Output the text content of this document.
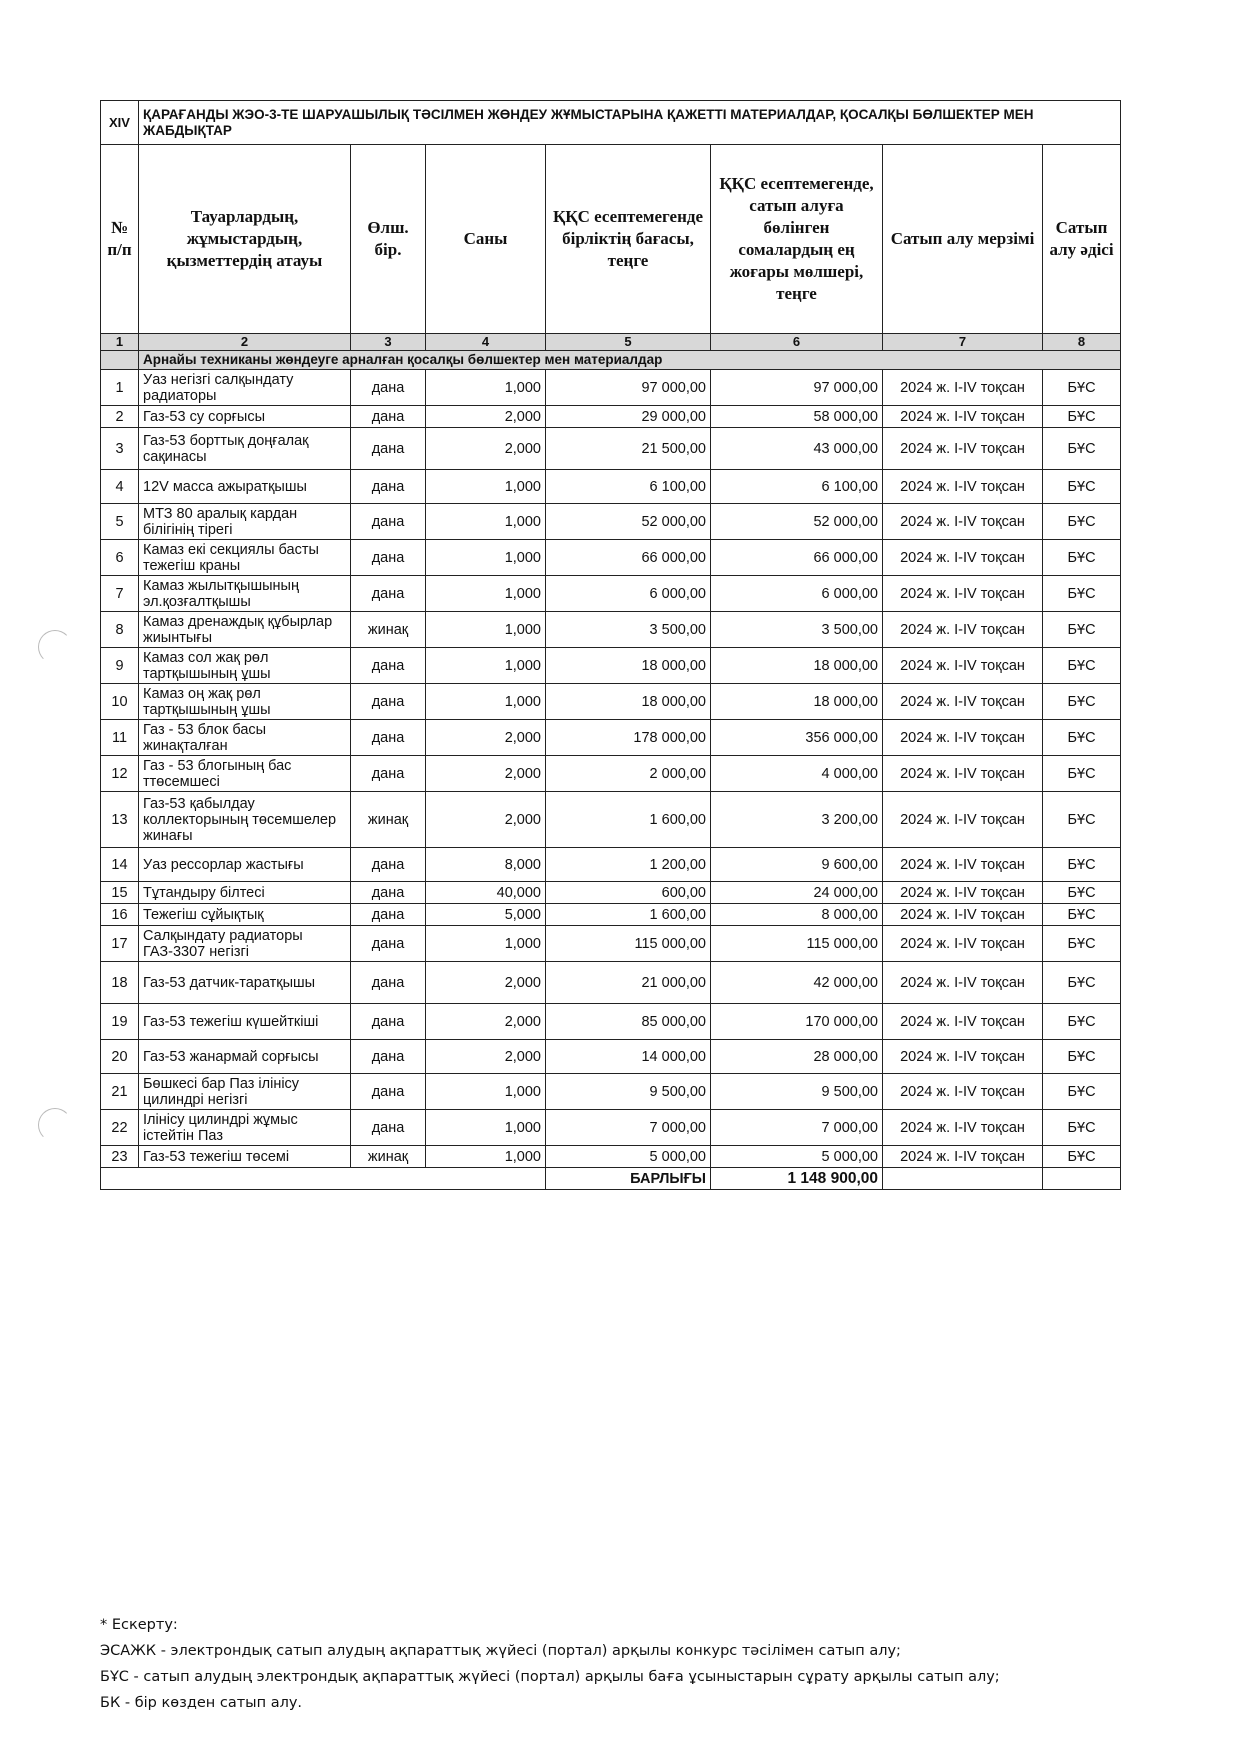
XIV	ҚАРАҒАНДЫ ЖЭО-3-ТЕ ШАРУАШЫЛЫҚ ТӘСІЛМЕН ЖӨНДЕУ ЖҰМЫСТАРЫНА ҚАЖЕТТІ МАТЕРИАЛДАР, ҚОСАЛҚЫ БӨЛШЕКТЕР МЕН ЖАБДЫҚТАР						
№ п/п	Тауарлардың, жұмыстардың, қызметтердің атауы	Өлш. бір.	Саны	ҚҚС есептемегенде бірліктің бағасы, теңге	ҚҚС есептемегенде, сатып алуға бөлінген сомалардың ең жоғары мөлшері, теңге	Сатып алу мерзімі	Сатып алу әдісі
1	2	3	4	5	6	7	8
	Арнайы техниканы жөндеуге арналған қосалқы бөлшектер мен материалдар						
1	Уаз негізгі салқындату радиаторы	дана	1,000	97 000,00	97 000,00	2024 ж. I-IV тоқсан	БҰС
2	Газ-53 су сорғысы	дана	2,000	29 000,00	58 000,00	2024 ж. I-IV тоқсан	БҰС
3	Газ-53 борттық доңғалақ сақинасы	дана	2,000	21 500,00	43 000,00	2024 ж. I-IV тоқсан	БҰС
4	12V масса ажыратқышы	дана	1,000	6 100,00	6 100,00	2024 ж. I-IV тоқсан	БҰС
5	МТЗ 80 аралық кардан білігінің тірегі	дана	1,000	52 000,00	52 000,00	2024 ж. I-IV тоқсан	БҰС
6	Камаз екі секциялы басты тежегіш краны	дана	1,000	66 000,00	66 000,00	2024 ж. I-IV тоқсан	БҰС
7	Камаз жылытқышының эл.қозғалтқышы	дана	1,000	6 000,00	6 000,00	2024 ж. I-IV тоқсан	БҰС
8	Камаз дренаждық құбырлар жиынтығы	жинақ	1,000	3 500,00	3 500,00	2024 ж. I-IV тоқсан	БҰС
9	Камаз сол жақ рөл тартқышының ұшы	дана	1,000	18 000,00	18 000,00	2024 ж. I-IV тоқсан	БҰС
10	Камаз оң жақ рөл тартқышының ұшы	дана	1,000	18 000,00	18 000,00	2024 ж. I-IV тоқсан	БҰС
11	Газ - 53 блок басы жинақталған	дана	2,000	178 000,00	356 000,00	2024 ж. I-IV тоқсан	БҰС
12	Газ - 53 блогының бас ттөсемшесі	дана	2,000	2 000,00	4 000,00	2024 ж. I-IV тоқсан	БҰС
13	Газ-53 қабылдау коллекторының төсемшелер жинағы	жинақ	2,000	1 600,00	3 200,00	2024 ж. I-IV тоқсан	БҰС
14	Уаз рессорлар жастығы	дана	8,000	1 200,00	9 600,00	2024 ж. I-IV тоқсан	БҰС
15	Тұтандыру білтесі	дана	40,000	600,00	24 000,00	2024 ж. I-IV тоқсан	БҰС
16	Тежегіш сұйықтық	дана	5,000	1 600,00	8 000,00	2024 ж. I-IV тоқсан	БҰС
17	Салқындату радиаторы ГАЗ-3307 негізгі	дана	1,000	115 000,00	115 000,00	2024 ж. I-IV тоқсан	БҰС
18	Газ-53 датчик-таратқышы	дана	2,000	21 000,00	42 000,00	2024 ж. I-IV тоқсан	БҰС
19	Газ-53 тежегіш күшейткіші	дана	2,000	85 000,00	170 000,00	2024 ж. I-IV тоқсан	БҰС
20	Газ-53 жанармай сорғысы	дана	2,000	14 000,00	28 000,00	2024 ж. I-IV тоқсан	БҰС
21	Бөшкесі бар Паз ілінісу цилиндрі негізгі	дана	1,000	9 500,00	9 500,00	2024 ж. I-IV тоқсан	БҰС
22	Ілінісу цилиндрі жұмыс істейтін Паз	дана	1,000	7 000,00	7 000,00	2024 ж. I-IV тоқсан	БҰС
23	Газ-53 тежегіш төсемі	жинақ	1,000	5 000,00	5 000,00	2024 ж. I-IV тоқсан	БҰС
				БАРЛЫҒЫ	1 148 900,00		
* Ескерту:
ЭСАЖК - электрондық сатып алудың ақпараттық жүйесі (портал) арқылы конкурс тәсілімен сатып алу;
БҰС - сатып алудың электрондық ақпараттық жүйесі (портал) арқылы баға ұсыныстарын сұрату арқылы сатып алу;
БК - бір көзден сатып алу.
